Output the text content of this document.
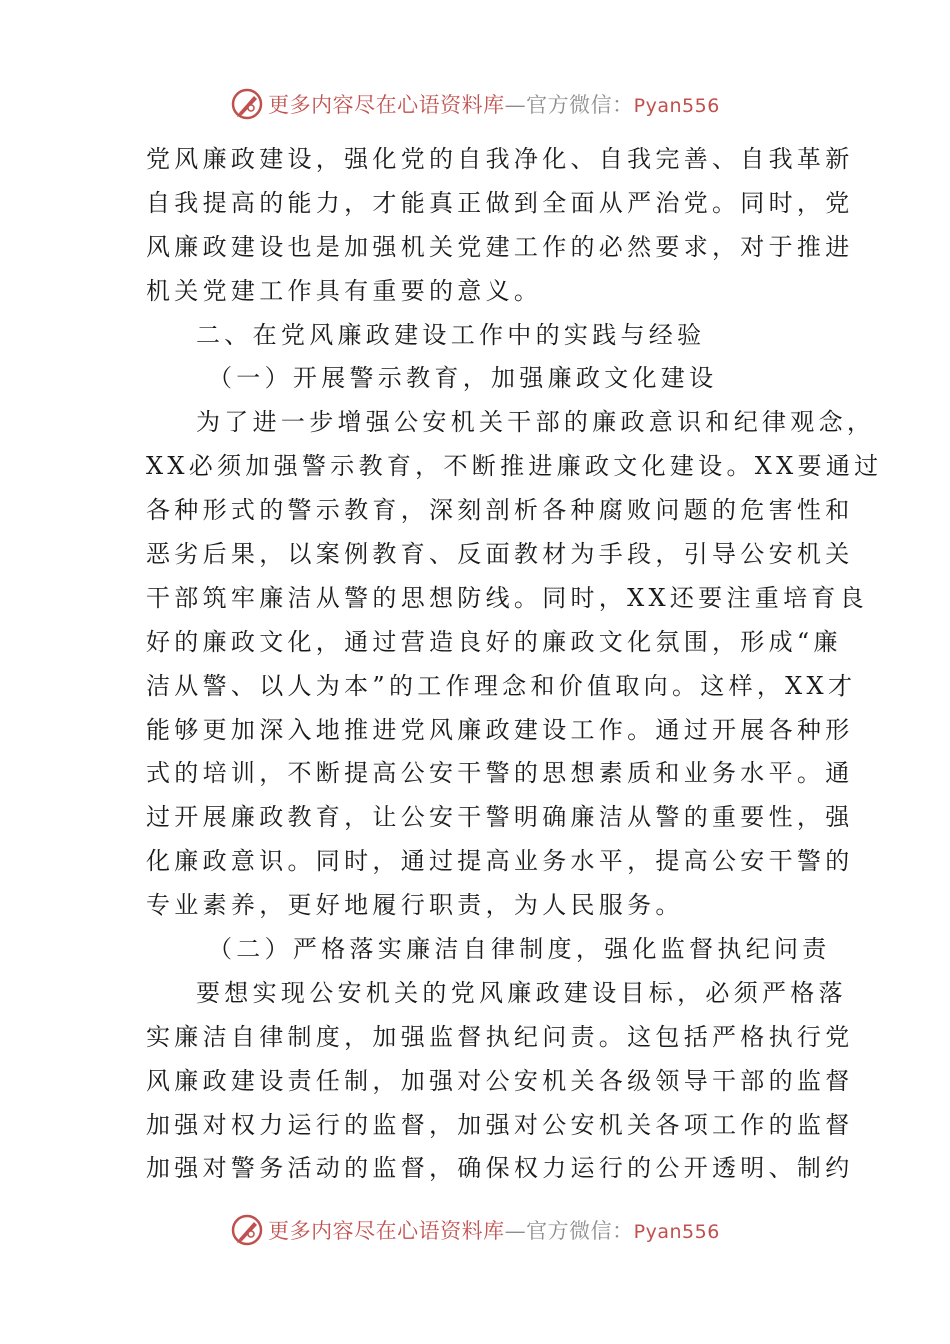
更多内容尽在心语资料库—官方微信：Pyan556
党风廉政建设，强化党的自我净化、自我完善、自我革新
自我提高的能力，才能真正做到全面从严治党。同时，党
风廉政建设也是加强机关党建工作的必然要求，对于推进
机关党建工作具有重要的意义。
二、在党风廉政建设工作中的实践与经验
（一）开展警示教育，加强廉政文化建设
为了进一步增强公安机关干部的廉政意识和纪律观念，
XX必须加强警示教育，不断推进廉政文化建设。XX要通过
各种形式的警示教育，深刻剖析各种腐败问题的危害性和
恶劣后果，以案例教育、反面教材为手段，引导公安机关
干部筑牢廉洁从警的思想防线。同时，XX还要注重培育良
好的廉政文化，通过营造良好的廉政文化氛围，形成“廉
洁从警、以人为本”的工作理念和价值取向。这样，XX才
能够更加深入地推进党风廉政建设工作。通过开展各种形
式的培训，不断提高公安干警的思想素质和业务水平。通
过开展廉政教育，让公安干警明确廉洁从警的重要性，强
化廉政意识。同时，通过提高业务水平，提高公安干警的
专业素养，更好地履行职责，为人民服务。
（二）严格落实廉洁自律制度，强化监督执纪问责
要想实现公安机关的党风廉政建设目标，必须严格落
实廉洁自律制度，加强监督执纪问责。这包括严格执行党
风廉政建设责任制，加强对公安机关各级领导干部的监督
加强对权力运行的监督，加强对公安机关各项工作的监督
加强对警务活动的监督，确保权力运行的公开透明、制约
更多内容尽在心语资料库—官方微信：Pyan556
